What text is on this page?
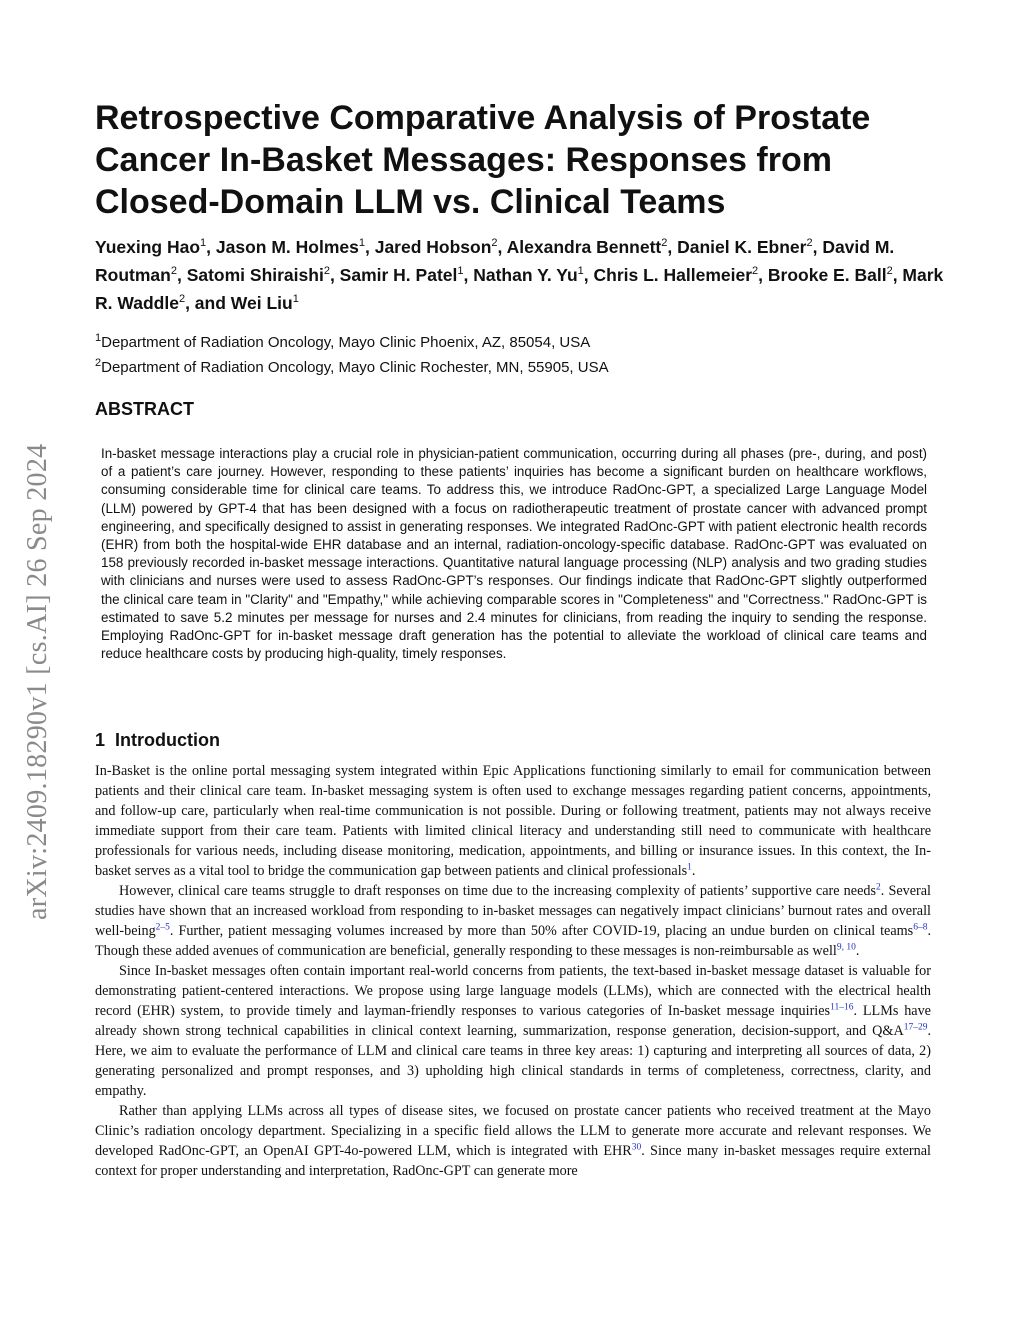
arXiv:2409.18290v1 [cs.AI] 26 Sep 2024
Retrospective Comparative Analysis of Prostate Cancer In-Basket Messages: Responses from Closed-Domain LLM vs. Clinical Teams
Yuexing Hao$^1$, Jason M. Holmes$^1$, Jared Hobson$^2$, Alexandra Bennett$^2$, Daniel K. Ebner$^2$, David M. Routman$^2$, Satomi Shiraishi$^2$, Samir H. Patel$^1$, Nathan Y. Yu$^1$, Chris L. Hallemeier$^2$, Brooke E. Ball$^2$, Mark R. Waddle$^2$, and Wei Liu$^1$
$^1$Department of Radiation Oncology, Mayo Clinic Phoenix, AZ, 85054, USA
$^2$Department of Radiation Oncology, Mayo Clinic Rochester, MN, 55905, USA
ABSTRACT

In-basket message interactions play a crucial role in physician-patient communication, occurring during all phases (pre-, during, and post) of a patient’s care journey. However, responding to these patients’ inquiries has become a significant burden on healthcare workflows, consuming considerable time for clinical care teams. To address this, we introduce RadOnc-GPT, a specialized Large Language Model (LLM) powered by GPT-4 that has been designed with a focus on radiotherapeutic treatment of prostate cancer with advanced prompt engineering, and specifically designed to assist in generating responses. We integrated RadOnc-GPT with patient electronic health records (EHR) from both the hospital-wide EHR database and an internal, radiation-oncology-specific database. RadOnc-GPT was evaluated on 158 previously recorded in-basket message interactions. Quantitative natural language processing (NLP) analysis and two grading studies with clinicians and nurses were used to assess RadOnc-GPT’s responses. Our findings indicate that RadOnc-GPT slightly outperformed the clinical care team in "Clarity" and "Empathy," while achieving comparable scores in "Completeness" and "Correctness." RadOnc-GPT is estimated to save 5.2 minutes per message for nurses and 2.4 minutes for clinicians, from reading the inquiry to sending the response. Employing RadOnc-GPT for in-basket message draft generation has the potential to alleviate the workload of clinical care teams and reduce healthcare costs by producing high-quality, timely responses.

1 Introduction

In-Basket is the online portal messaging system integrated within Epic Applications functioning similarly to email for communication between patients and their clinical care team. In-basket messaging system is often used to exchange messages regarding patient concerns, appointments, and follow-up care, particularly when real-time communication is not possible. During or following treatment, patients may not always receive immediate support from their care team. Patients with limited clinical literacy and understanding still need to communicate with healthcare professionals for various needs, including disease monitoring, medication, appointments, and billing or insurance issues. In this context, the In-basket serves as a vital tool to bridge the communication gap between patients and clinical professionals$^1$.

However, clinical care teams struggle to draft responses on time due to the increasing complexity of patients’ supportive care needs$^2$. Several studies have shown that an increased workload from responding to in-basket messages can negatively impact clinicians’ burnout rates and overall well-being$^{2-5}$. Further, patient messaging volumes increased by more than 50% after COVID-19, placing an undue burden on clinical teams$^{6-8}$. Though these added avenues of communication are beneficial, generally responding to these messages is non-reimbursable as well$^{9, 10}$.

Since In-basket messages often contain important real-world concerns from patients, the text-based in-basket message dataset is valuable for demonstrating patient-centered interactions. We propose using large language models (LLMs), which are connected with the electrical health record (EHR) system, to provide timely and layman-friendly responses to various categories of In-basket message inquiries$^{11-16}$. LLMs have already shown strong technical capabilities in clinical context learning, summarization, response generation, decision-support, and Q&A$^{17-29}$. Here, we aim to evaluate the performance of LLM and clinical care teams in three key areas: 1) capturing and interpreting all sources of data, 2) generating personalized and prompt responses, and 3) upholding high clinical standards in terms of completeness, correctness, clarity, and empathy.

Rather than applying LLMs across all types of disease sites, we focused on prostate cancer patients who received treatment at the Mayo Clinic’s radiation oncology department. Specializing in a specific field allows the LLM to generate more accurate and relevant responses. We developed RadOnc-GPT, an OpenAI GPT-4o-powered LLM, which is integrated with EHR$^{30}$. Since many in-basket messages require external context for proper understanding and interpretation, RadOnc-GPT can generate more
